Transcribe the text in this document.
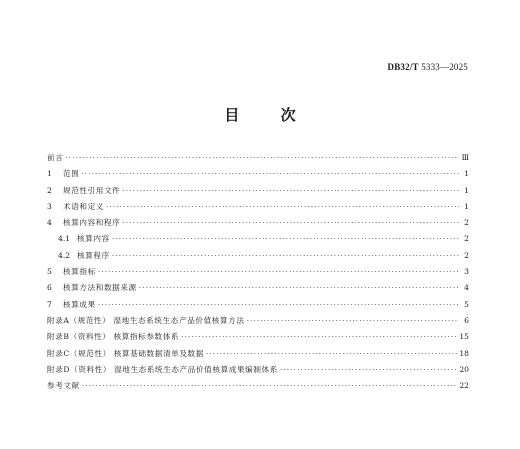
DB32/T 5333—2025
目 次
前言 ·····	Ⅲ
1	范围 ·····	1
2	规范性引用文件 ·····	1
3	术语和定义 ·····	1
4	核算内容和程序 ·····	2
4.1 核算内容 ·····	2
4.2 核算程序 ·····	2
5	核算指标 ·····	3
6	核算方法和数据来源 ·····	4
7	核算成果 ·····	5
附录A（规范性） 湿地生态系统生态产品价值核算方法 ·····	6
附录B（资料性） 核算指标参数体系 ·····	15
附录C（规范性） 核算基础数据清单及数据 ·····	18
附录D（资料性） 湿地生态系统生态产品价值核算成果编制体系 ·····	20
参考文献 ·····	22
